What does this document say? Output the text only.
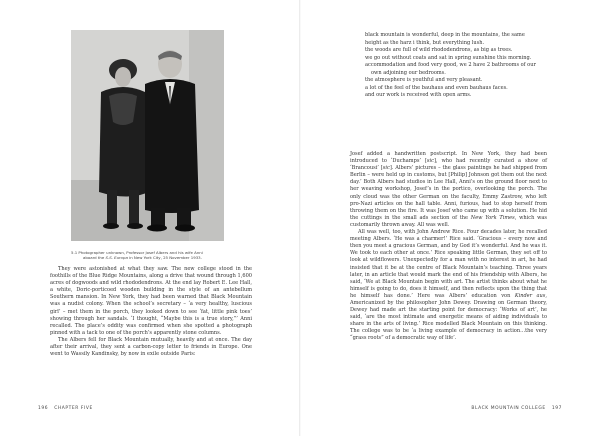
5.1 Photographer unknown, Professor Josef Albers and his wife Anni
aboard the S.S. Europa in New York City, 25 November 1933.

They were astonished at what they saw. The new college stood in the foothills of the Blue Ridge Mountains, along a drive that wound through 1,600 acres of dogwoods and wild rhododendrons. At the end lay Robert E. Lee Hall, a white, Doric-porticoed wooden building in the style of an antebellum Southern mansion. In New York, they had been warned that Black Mountain was a nudist colony. When the school’s secretary – ‘a very healthy, luscious girl’ – met them in the porch, they looked down to see ‘fat, little pink toes’ showing through her sandals. ‘I thought, “Maybe this is a true story,”’ Anni recalled. The place’s oddity was confirmed when she spotted a photograph pinned with a tack to one of the porch’s apparently stone columns.

The Albers fell for Black Mountain mutually, heavily and at once. The day after their arrival, they sent a carbon-copy letter to friends in Europe. One went to Wassily Kandinsky, by now in exile outside Paris:

196 CHAPTER FIVE
black mountain is wonderful, deep in the mountains, the same
height as the harz i think, but everything lush.
the woods are full of wild rhododendrons, as big as trees.
we go out without coats and sat in spring sunshine this morning.
accommodation and food very good, we 2 have 2 bathrooms of our
own adjoining our bedrooms.
the atmosphere is youthful and very pleasant.
a lot of the feel of the bauhaus and even bauhaus faces.
and our work is received with open arms.

Josef added a handwritten postscript. In New York, they had been introduced to ‘Duchamps’ [sic], who had recently curated a show of ‘Brancousi’ [sic]. Albers’ pictures – the glass paintings he had shipped from Berlin – were held up in customs, but [Philip] Johnson got them out the next day.’ Both Albers had studios in Lee Hall, Anni’s on the ground floor next to her weaving workshop, Josef’s in the portico, overlooking the porch. The only cloud was the other German on the faculty, Emmy Zastrow, who left pro-Nazi articles on the hall table. Anni, furious, had to stop herself from throwing them on the fire. It was Josef who came up with a solution. He hid the cuttings in the small ads section of the New York Times, which was customarily thrown away. All was well.

All was well, too, with John Andrew Rice. Four decades later, he recalled meeting Albers. ‘He was a charmer!’ Rice said. ‘Gracious – every now and then you meet a gracious German, and by God it’s wonderful. And he was it. We took to each other at once.’ Rice speaking little German, they set off to look at wildflowers. Unexpectedly for a man with no interest in art, he had insisted that it be at the centre of Black Mountain’s teaching. Three years later, in an article that would mark the end of his friendship with Albers, he said, ‘We at Black Mountain begin with art. The artist thinks about what he himself is going to do, does it himself, and then reflects upon the thing that he himself has done.’ Here was Albers’ education von Kinder aus, Americanized by the philosopher John Dewey. Drawing on German theory, Dewey had made art the starting point for democracy: ‘Works of art’, he said, ‘are the most intimate and energetic means of aiding individuals to share in the arts of living.’ Rice modelled Black Mountain on this thinking. The college was to be ‘a living example of democracy in action…the very “grass roots” of a democratic way of life’.

BLACK MOUNTAIN COLLEGE 197
